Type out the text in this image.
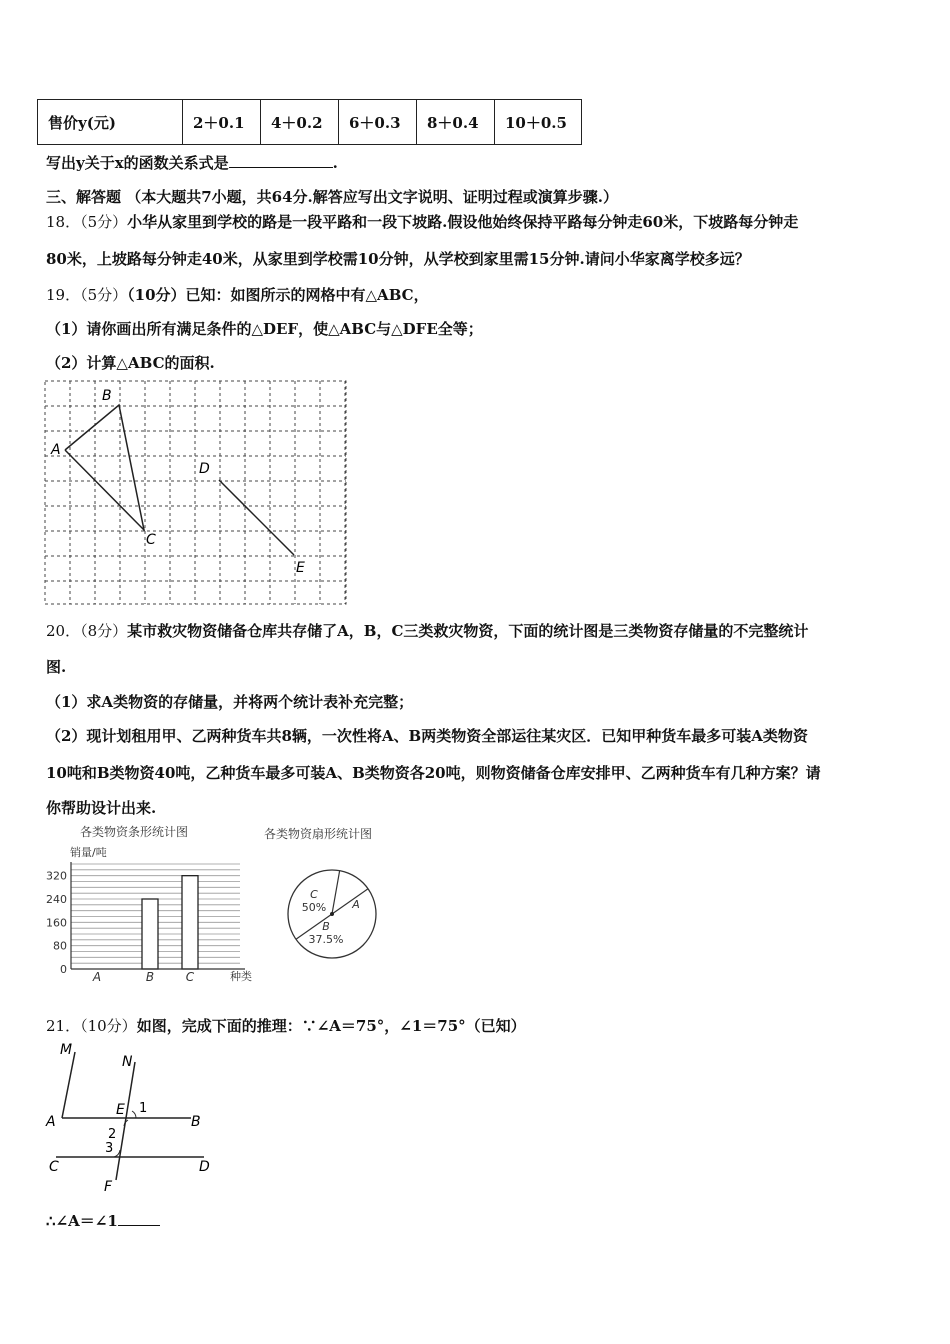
售价y(元)	2＋0.1	4＋0.2	6＋0.3	8＋0.4	10＋0.5
写出y关于x的函数关系式是	.
三、解答题 （本大题共7小题，共64分.解答应写出文字说明、证明过程或演算步骤.）
18．（5分）小华从家里到学校的路是一段平路和一段下坡路.假设他始终保持平路每分钟走60米，下坡路每分钟走
80米，上坡路每分钟走40米，从家里到学校需10分钟，从学校到家里需15分钟.请问小华家离学校多远？
19．（5分）（10分）已知：如图所示的网格中有△ABC，
（1）请你画出所有满足条件的△DEF，使△ABC与△DFE全等；
（2）计算△ABC的面积.
B
A
C
D
E
20．（8分）某市救灾物资储备仓库共存储了A，B，C三类救灾物资，下面的统计图是三类物资存储量的不完整统计
图.
（1）求A类物资的存储量，并将两个统计表补充完整；
（2）现计划租用甲、乙两种货车共8辆，一次性将A、B两类物资全部运往某灾区．已知甲种货车最多可装A类物资
10吨和B类物资40吨，乙种货车最多可装A、B类物资各20吨，则物资储备仓库安排甲、乙两种货车有几种方案？请
你帮助设计出来.
各类物资条形统计图
销量/吨
0
80
160
240
320
A	B	C	种类
各类物资扇形统计图
C
50%
B
37.5%
A
21．（10分）如图，完成下面的推理：∵∠A＝75°，∠1＝75°（已知）
M
N
A
E 1
B
2
3
C	D
F
∴∠A＝∠1
